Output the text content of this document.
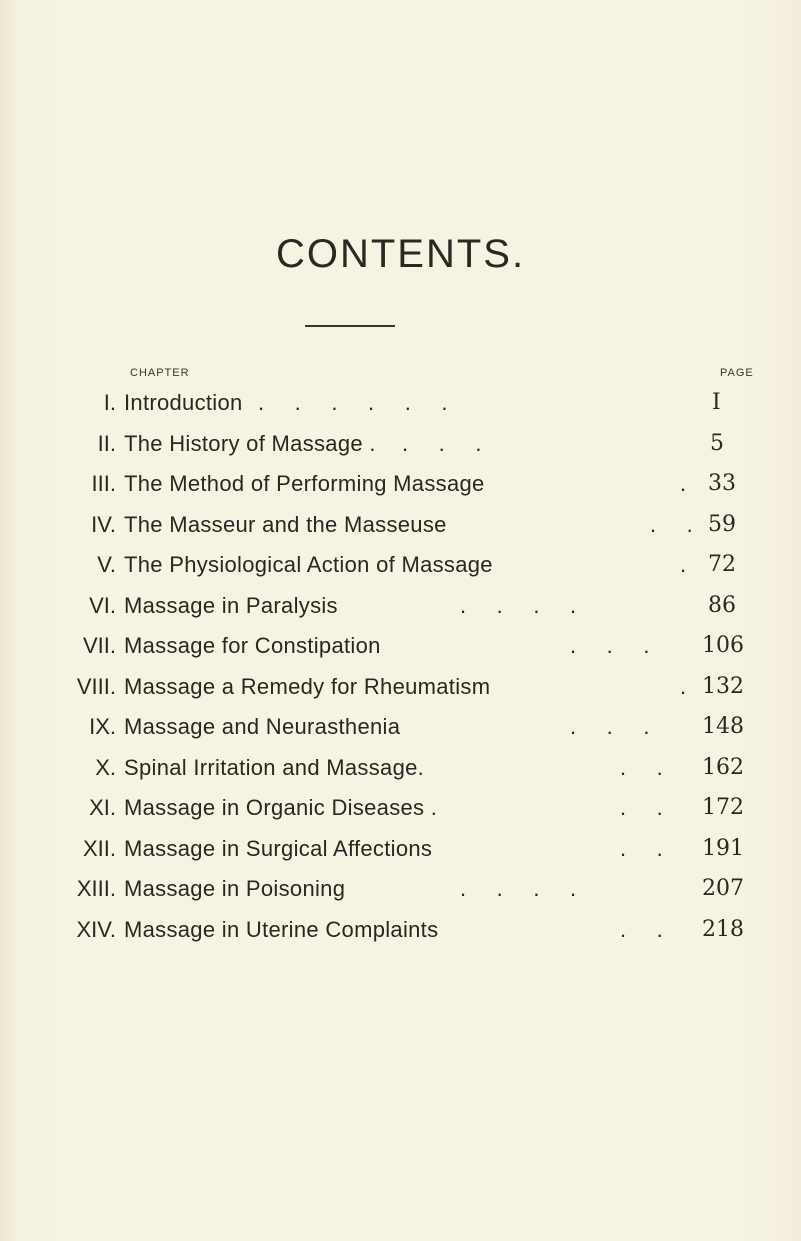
CONTENTS.
CHAPTER	PAGE
I. Introduction .     .     .     .     .     .	I
II. The History of Massage . .     .     .	5
III. The Method of Performing Massage	. 33
IV. The Masseur and the Masseuse	.     . 59
V. The Physiological Action of Massage	. 72
VI. Massage in Paralysis	.     .     .     .	86
VII. Massage for Constipation	.     .     . 106
VIII. Massage a Remedy for Rheumatism	. 132
IX. Massage and Neurasthenia	.     .     . 148
X. Spinal Irritation and Massage.	.     . 162
XI. Massage in Organic Diseases .	.     . 172
XII. Massage in Surgical Affections	.     . 191
XIII. Massage in Poisoning	.     .     .     .	207
XIV. Massage in Uterine Complaints	.     . 218
